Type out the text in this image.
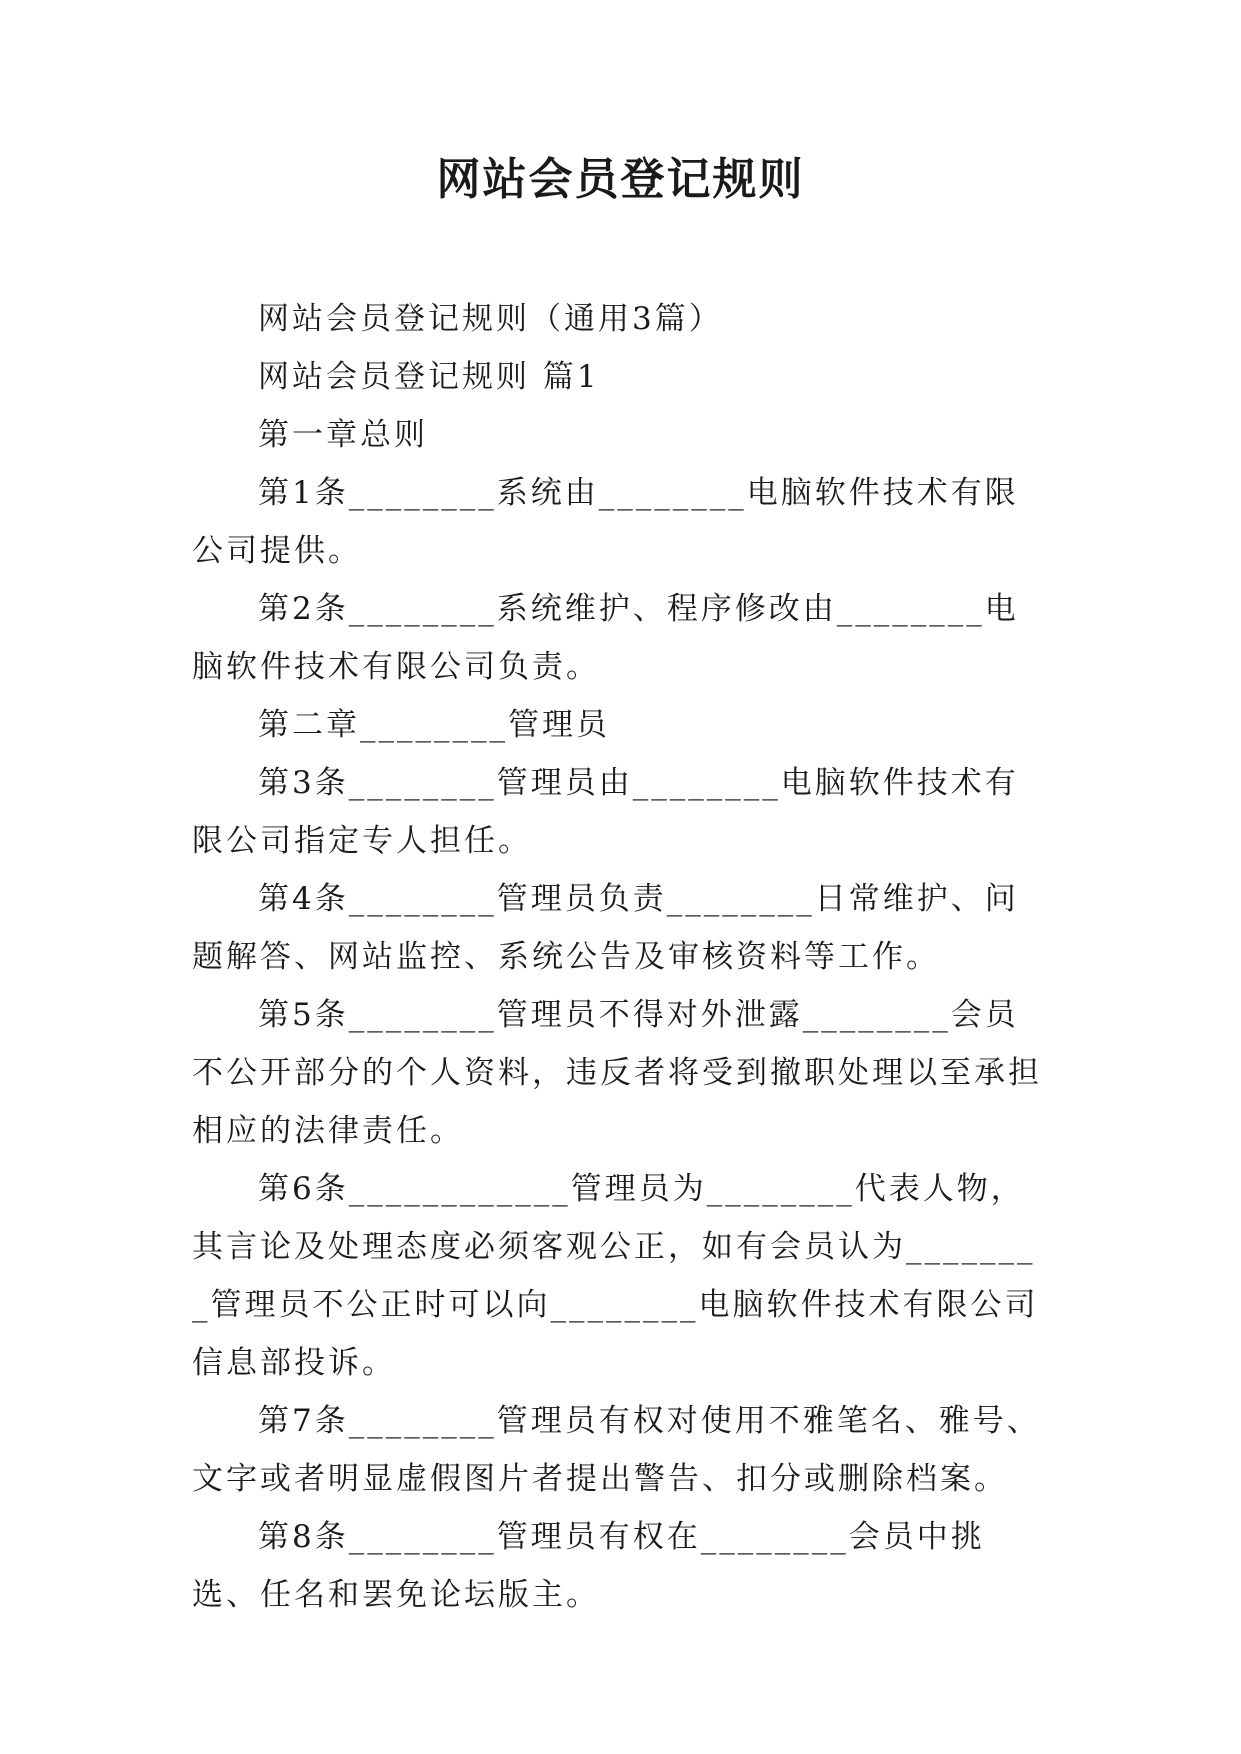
网站会员登记规则

网站会员登记规则（通用3篇）

网站会员登记规则 篇1

第一章总则

第1条________系统由________电脑软件技术有限公司提供。

第2条________系统维护、程序修改由________电脑软件技术有限公司负责。

第二章________管理员

第3条________管理员由________电脑软件技术有限公司指定专人担任。

第4条________管理员负责________日常维护、问题解答、网站监控、系统公告及审核资料等工作。

第5条________管理员不得对外泄露________会员不公开部分的个人资料，违反者将受到撤职处理以至承担相应的法律责任。

第6条____________管理员为________代表人物，其言论及处理态度必须客观公正，如有会员认为________管理员不公正时可以向________电脑软件技术有限公司信息部投诉。

第7条________管理员有权对使用不雅笔名、雅号、文字或者明显虚假图片者提出警告、扣分或删除档案。

第8条________管理员有权在________会员中挑选、任名和罢免论坛版主。
